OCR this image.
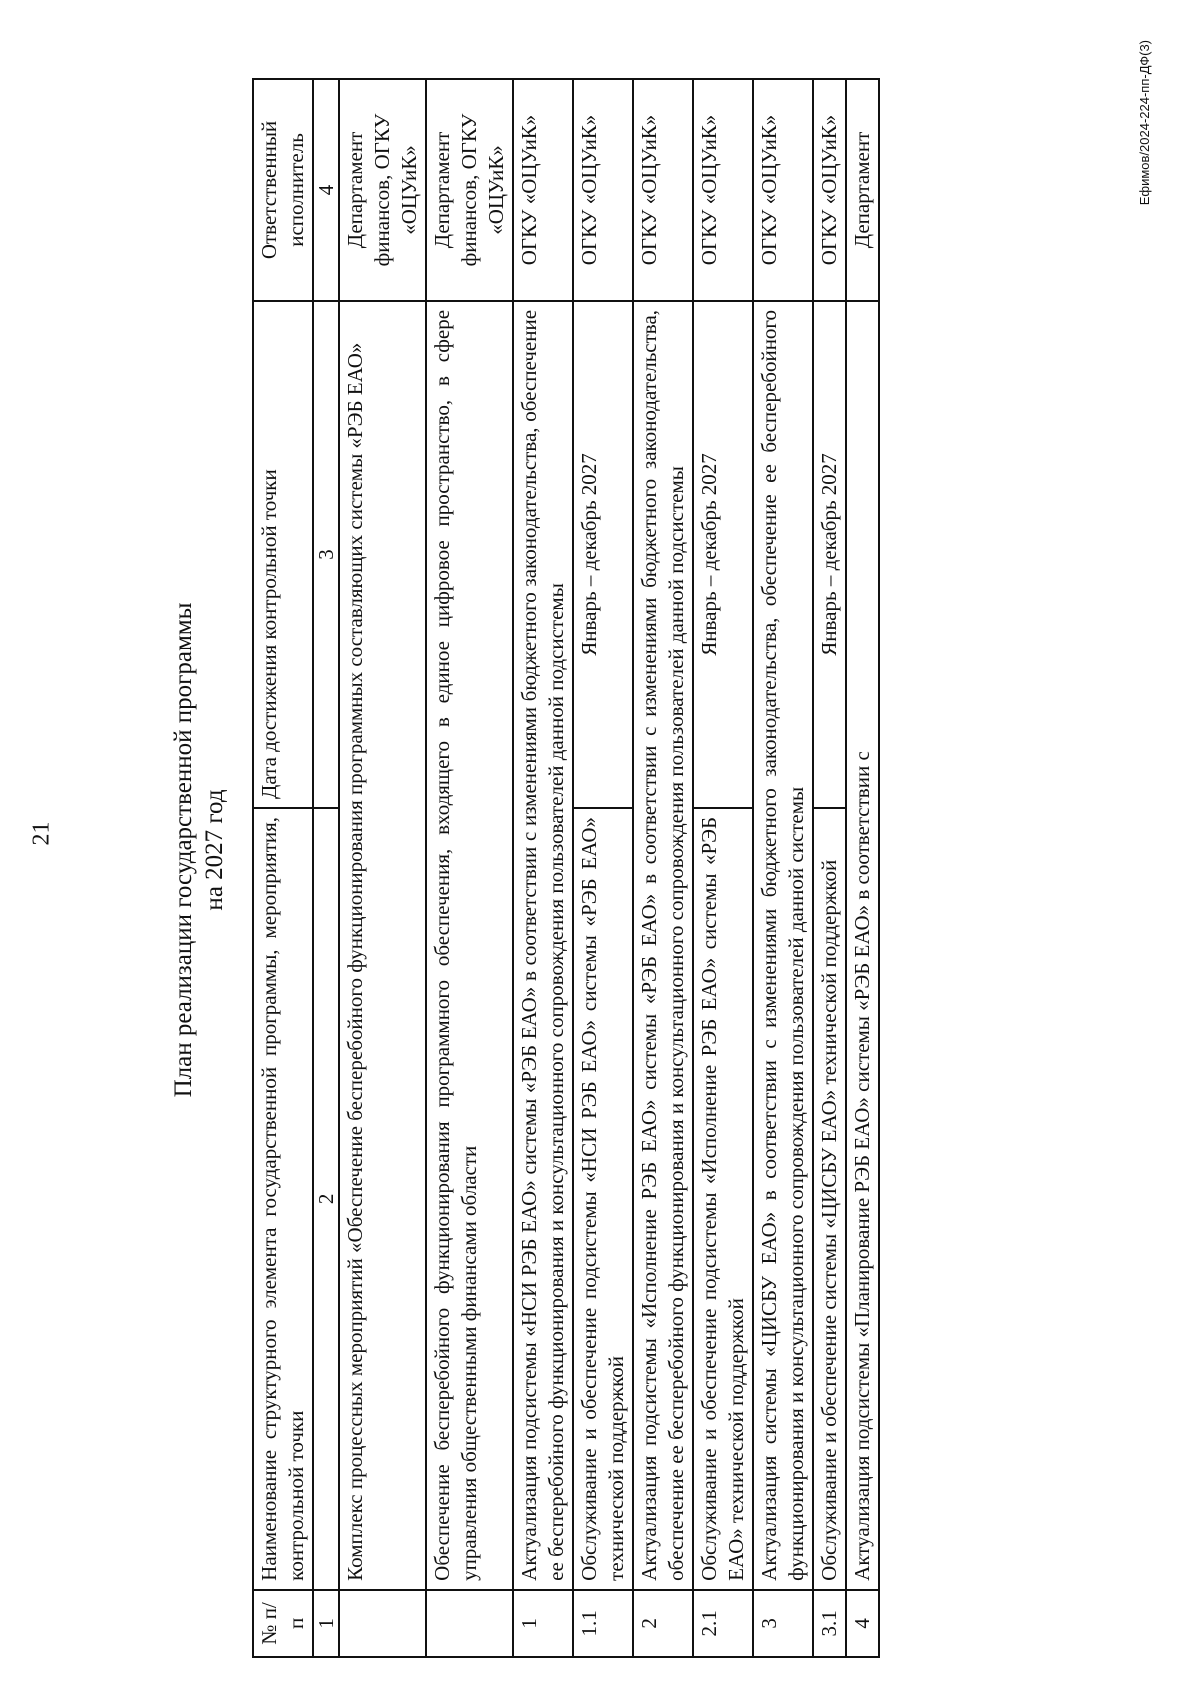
21	План реализации государственной программы на 2027 год
№ п/п	Наименование структурного элемента государственной программы, мероприятия, контрольной точки	Дата достижения контрольной точки	Ответственный исполнитель
1	2	3	4
	Комплекс процессных мероприятий «Обеспечение бесперебойного функционирования программных составляющих системы «РЭБ ЕАО»		Департамент финансов, ОГКУ «ОЦУиК»
	Обеспечение бесперебойного функционирования программного обеспечения, входящего в единое цифровое пространство, в сфере управления общественными финансами области		Департамент финансов, ОГКУ «ОЦУиК»
1	Актуализация подсистемы «НСИ РЭБ ЕАО» системы «РЭБ ЕАО» в соответствии с изменениями бюджетного законодательства, обеспечение ее бесперебойного функционирования и консультационного сопровождения пользователей данной подсистемы		ОГКУ «ОЦУиК»
1.1	Обслуживание и обеспечение подсистемы «НСИ РЭБ ЕАО» системы «РЭБ ЕАО» технической поддержкой	Январь – декабрь 2027	ОГКУ «ОЦУиК»
2	Актуализация подсистемы «Исполнение РЭБ ЕАО» системы «РЭБ ЕАО» в соответствии с изменениями бюджетного законодательства, обеспечение ее бесперебойного функционирования и консультационного сопровождения пользователей данной подсистемы		ОГКУ «ОЦУиК»
2.1	Обслуживание и обеспечение подсистемы «Исполнение РЭБ ЕАО» системы «РЭБ ЕАО» технической поддержкой	Январь – декабрь 2027	ОГКУ «ОЦУиК»
3	Актуализация системы «ЦИСБУ ЕАО» в соответствии с изменениями бюджетного законодательства, обеспечение ее бесперебойного функционирования и консультационного сопровождения пользователей данной системы		ОГКУ «ОЦУиК»
3.1	Обслуживание и обеспечение системы «ЦИСБУ ЕАО» технической поддержкой	Январь – декабрь 2027	ОГКУ «ОЦУиК»
4	Актуализация подсистемы «Планирование РЭБ ЕАО» системы «РЭБ ЕАО» в соответствии с		Департамент	Ефимов/2024-224-пп-ДФ(3)
